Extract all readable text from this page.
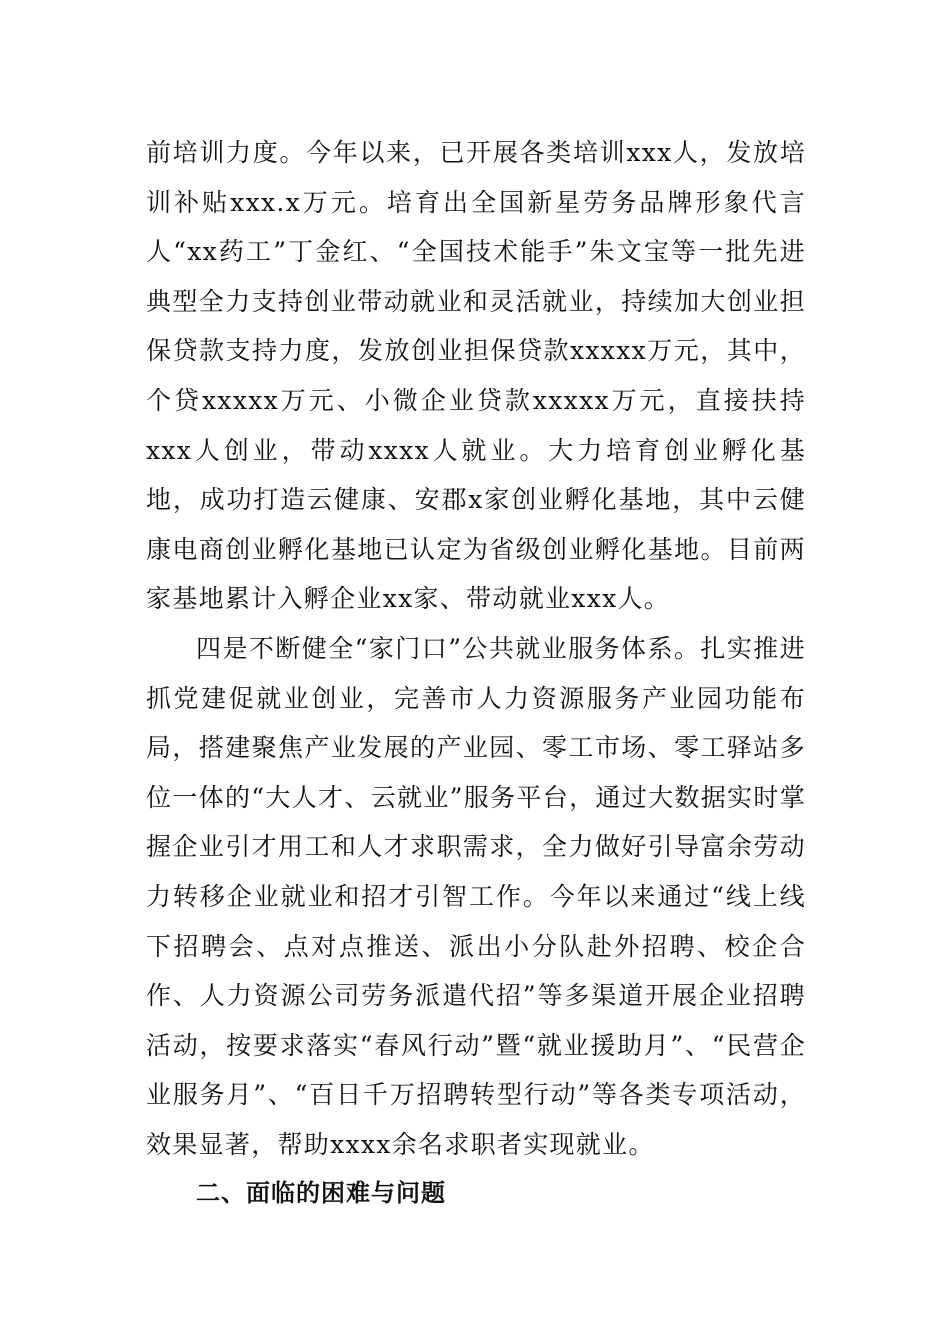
前培训力度。今年以来，已开展各类培训xxx人，发放培训补贴xxx.x万元。培育出全国新星劳务品牌形象代言人“xx药工”丁金红、“全国技术能手”朱文宝等一批先进典型全力支持创业带动就业和灵活就业，持续加大创业担保贷款支持力度，发放创业担保贷款xxxxx万元，其中，个贷xxxxx万元、小微企业贷款xxxxx万元，直接扶持xxx人创业，带动xxxx人就业。大力培育创业孵化基地，成功打造云健康、安郡x家创业孵化基地，其中云健康电商创业孵化基地已认定为省级创业孵化基地。目前两家基地累计入孵企业xx家、带动就业xxx人。

四是不断健全“家门口”公共就业服务体系。扎实推进抓党建促就业创业，完善市人力资源服务产业园功能布局，搭建聚焦产业发展的产业园、零工市场、零工驿站多位一体的“大人才、云就业”服务平台，通过大数据实时掌握企业引才用工和人才求职需求，全力做好引导富余劳动力转移企业就业和招才引智工作。今年以来通过“线上线下招聘会、点对点推送、派出小分队赴外招聘、校企合作、人力资源公司劳务派遣代招”等多渠道开展企业招聘活动，按要求落实“春风行动”暨“就业援助月”、“民营企业服务月”、“百日千万招聘转型行动”等各类专项活动，效果显著，帮助xxxx余名求职者实现就业。

二、面临的困难与问题
